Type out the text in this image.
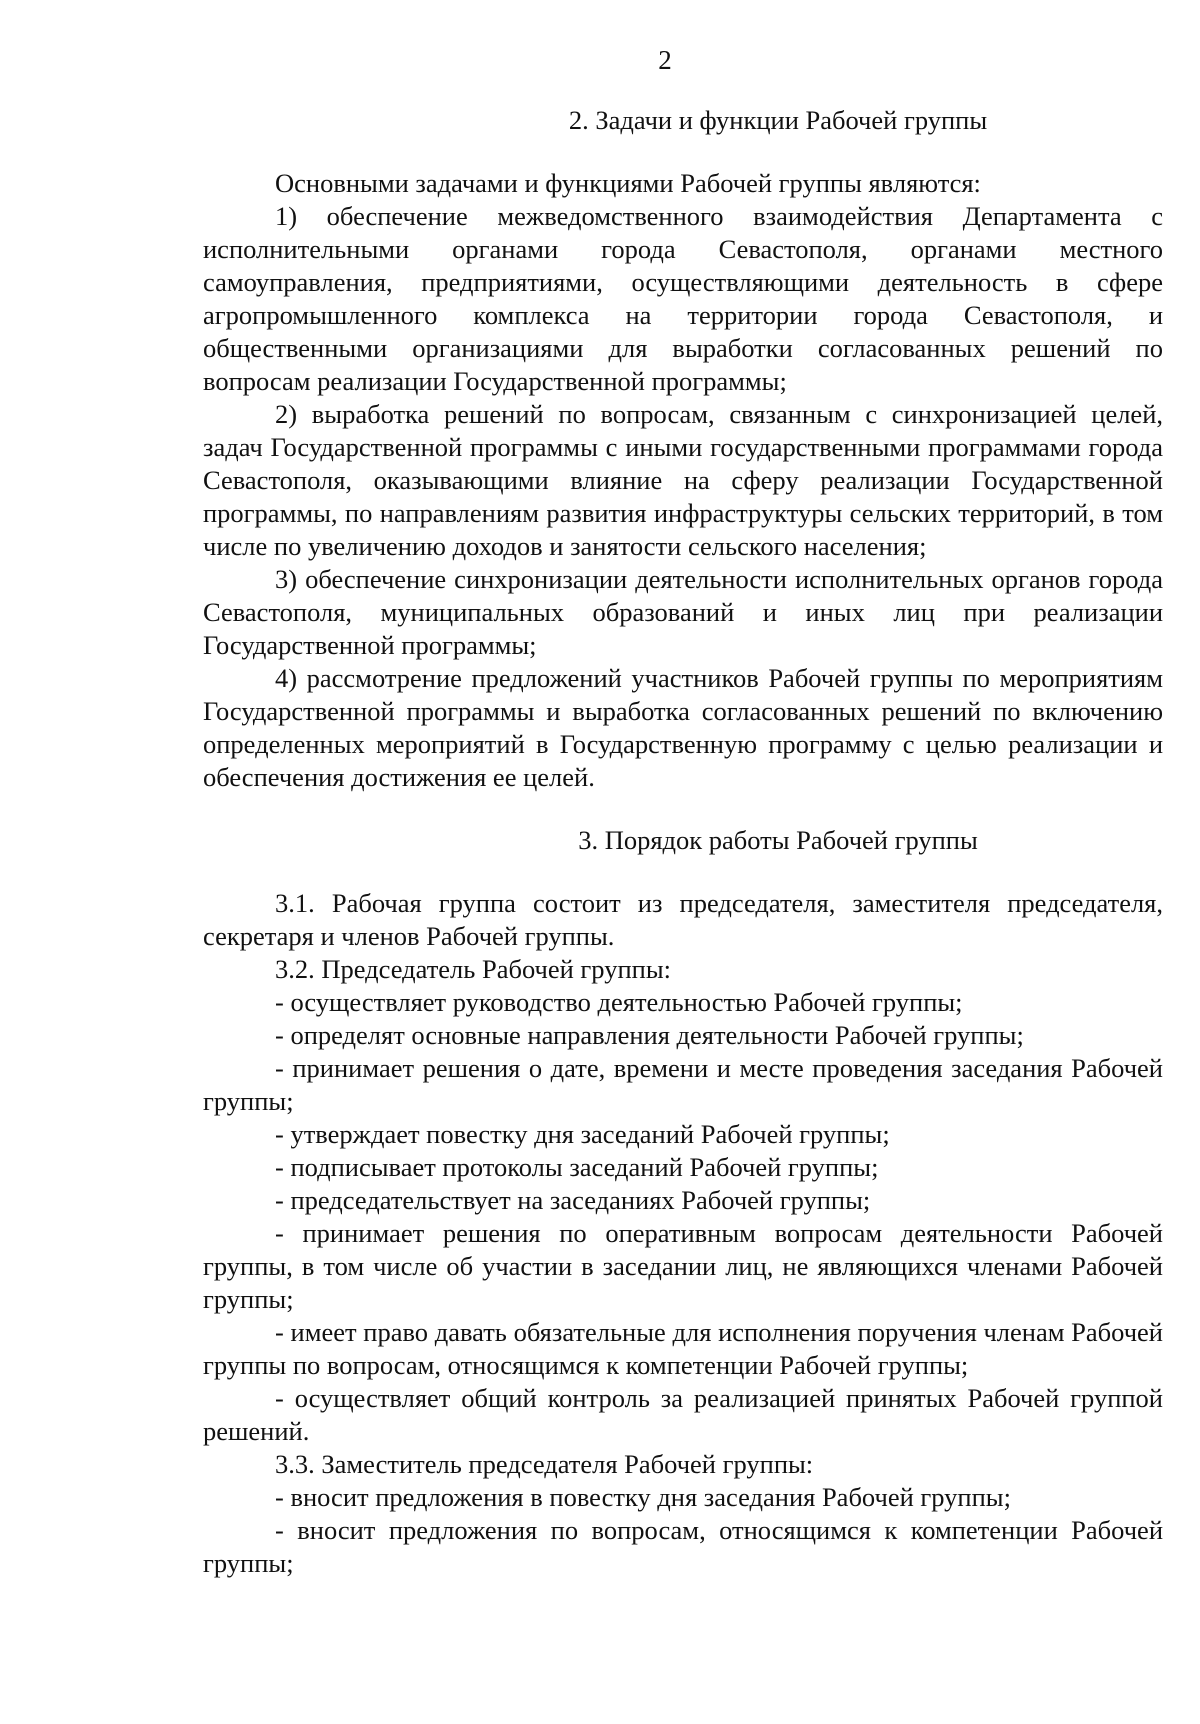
2
2. Задачи и функции Рабочей группы

Основными задачами и функциями Рабочей группы являются:

1) обеспечение межведомственного взаимодействия Департамента с исполнительными органами города Севастополя, органами местного самоуправления, предприятиями, осуществляющими деятельность в сфере агропромышленного комплекса на территории города Севастополя, и общественными организациями для выработки согласованных решений по вопросам реализации Государственной программы;

2) выработка решений по вопросам, связанным с синхронизацией целей, задач Государственной программы с иными государственными программами города Севастополя, оказывающими влияние на сферу реализации Государственной программы, по направлениям развития инфраструктуры сельских территорий, в том числе по увеличению доходов и занятости сельского населения;

3) обеспечение синхронизации деятельности исполнительных органов города Севастополя, муниципальных образований и иных лиц при реализации Государственной программы;

4) рассмотрение предложений участников Рабочей группы по мероприятиям Государственной программы и выработка согласованных решений по включению определенных мероприятий в Государственную программу с целью реализации и обеспечения достижения ее целей.

3. Порядок работы Рабочей группы

3.1. Рабочая группа состоит из председателя, заместителя председателя, секретаря и членов Рабочей группы.

3.2. Председатель Рабочей группы:

- осуществляет руководство деятельностью Рабочей группы;

- определят основные направления деятельности Рабочей группы;

- принимает решения о дате, времени и месте проведения заседания Рабочей группы;

- утверждает повестку дня заседаний Рабочей группы;

- подписывает протоколы заседаний Рабочей группы;

- председательствует на заседаниях Рабочей группы;

- принимает решения по оперативным вопросам деятельности Рабочей группы, в том числе об участии в заседании лиц, не являющихся членами Рабочей группы;

- имеет право давать обязательные для исполнения поручения членам Рабочей группы по вопросам, относящимся к компетенции Рабочей группы;

- осуществляет общий контроль за реализацией принятых Рабочей группой решений.

3.3. Заместитель председателя Рабочей группы:

- вносит предложения в повестку дня заседания Рабочей группы;

- вносит предложения по вопросам, относящимся к компетенции Рабочей группы;
